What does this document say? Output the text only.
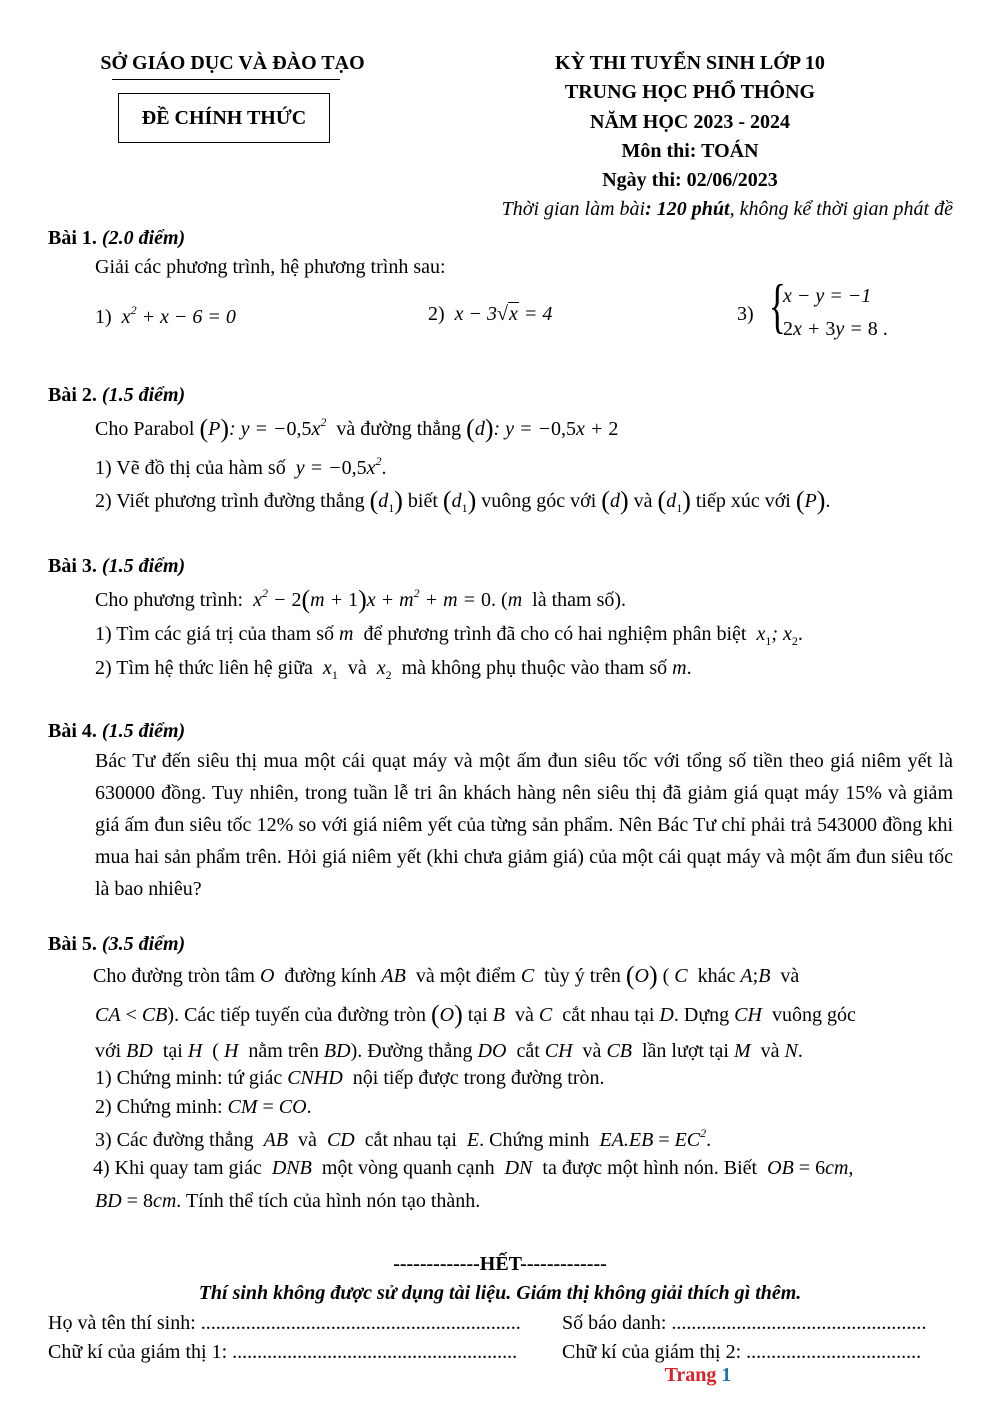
SỞ GIÁO DỤC VÀ ĐÀO TẠO
ĐỀ CHÍNH THỨC
KỲ THI TUYỂN SINH LỚP 10
TRUNG HỌC PHỔ THÔNG
NĂM HỌC 2023 - 2024
Môn thi: TOÁN
Ngày thi: 02/06/2023
Thời gian làm bài: 120 phút, không kể thời gian phát đề
Bài 1. (2.0 điểm)
Giải các phương trình, hệ phương trình sau:
1) $x^2 + x - 6 = 0$	2) x − 3√x = 4	3) {
x − y = −1
2x + 3y = 8 .
Bài 2. (1.5 điểm)
Cho Parabol (P): $y = -0,5x^2$ và đường thẳng (d): y = −0,5x + 2
1) Vẽ đồ thị của hàm số $y = -0,5x^2$.
2) Viết phương trình đường thẳng $(d_1)$ biết $(d_1)$ vuông góc với (d) và $(d_1)$ tiếp xúc với (P).
Bài 3. (1.5 điểm)
Cho phương trình: $x^2 - 2(m + 1)x + m^2 + m = 0$. (m là tham số).
1) Tìm các giá trị của tham số m để phương trình đã cho có hai nghiệm phân biệt $x_1$; $x_2$.
2) Tìm hệ thức liên hệ giữa $x_1$ và $x_2$ mà không phụ thuộc vào tham số m.
Bài 4. (1.5 điểm)
Bác Tư đến siêu thị mua một cái quạt máy và một ấm đun siêu tốc với tổng số tiền theo giá niêm yết là 630000 đồng. Tuy nhiên, trong tuần lễ tri ân khách hàng nên siêu thị đã giảm giá quạt máy 15% và giảm giá ấm đun siêu tốc 12% so với giá niêm yết của từng sản phẩm. Nên Bác Tư chỉ phải trả 543000 đồng khi mua hai sản phẩm trên. Hỏi giá niêm yết (khi chưa giảm giá) của một cái quạt máy và một ấm đun siêu tốc là bao nhiêu?
Bài 5. (3.5 điểm)
Cho đường tròn tâm O  đường kính AB  và một điểm C  tùy ý trên (O) ( C  khác A;B  và
CA < CB). Các tiếp tuyến của đường tròn (O) tại B  và C  cắt nhau tại D. Dựng CH  vuông góc
với BD  tại H  ( H  nằm trên BD). Đường thẳng DO  cắt CH  và CB  lần lượt tại M  và N.
1) Chứng minh: tứ giác CNHD nội tiếp được trong đường tròn.
2) Chứng minh: CM = CO.
3) Các đường thẳng AB và CD cắt nhau tại E. Chứng minh $EA.EB = EC^2$.
4) Khi quay tam giác DNB một vòng quanh cạnh DN ta được một hình nón. Biết OB = 6cm,
BD = 8cm. Tính thể tích của hình nón tạo thành.
-------------HẾT-------------
Thí sinh không được sử dụng tài liệu. Giám thị không giải thích gì thêm.
Họ và tên thí sinh: ................................................................ Số báo danh: ...................................................
Chữ kí của giám thị 1: ......................................................... Chữ kí của giám thị 2: ...................................
Trang 1
